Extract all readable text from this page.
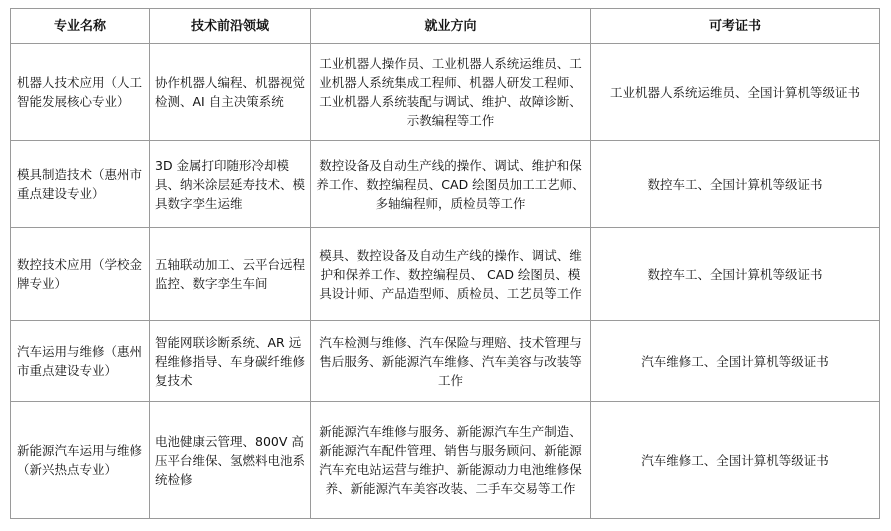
专业名称	技术前沿领域	就业方向	可考证书
机器人技术应用（人工智能发展核心专业）	协作机器人编程、机器视觉检测、AI 自主决策系统	工业机器人操作员、工业机器人系统运维员、工业机器人系统集成工程师、机器人研发工程师、工业机器人系统装配与调试、维护、故障诊断、示教编程等工作	工业机器人系统运维员、全国计算机等级证书
模具制造技术（惠州市重点建设专业）	3D 金属打印随形冷却模具、纳米涂层延寿技术、模具数字孪生运维	数控设备及自动生产线的操作、调试、维护和保养工作、数控编程员、CAD 绘图员加工工艺师、多轴编程师，质检员等工作	数控车工、全国计算机等级证书
数控技术应用（学校金牌专业）	五轴联动加工、云平台远程监控、数字孪生车间	模具、数控设备及自动生产线的操作、调试、维护和保养工作、数控编程员、 CAD 绘图员、模具设计师、产品造型师、质检员、工艺员等工作	数控车工、全国计算机等级证书
汽车运用与维修（惠州市重点建设专业）	智能网联诊断系统、AR 远程维修指导、车身碳纤维修复技术	汽车检测与维修、汽车保险与理赔、技术管理与售后服务、新能源汽车维修、汽车美容与改装等工作	汽车维修工、全国计算机等级证书
新能源汽车运用与维修（新兴热点专业）	电池健康云管理、800V 高压平台维保、氢燃料电池系统检修	新能源汽车维修与服务、新能源汽车生产制造、新能源汽车配件管理、销售与服务顾问、新能源汽车充电站运营与维护、新能源动力电池维修保养、新能源汽车美容改装、二手车交易等工作	汽车维修工、全国计算机等级证书
